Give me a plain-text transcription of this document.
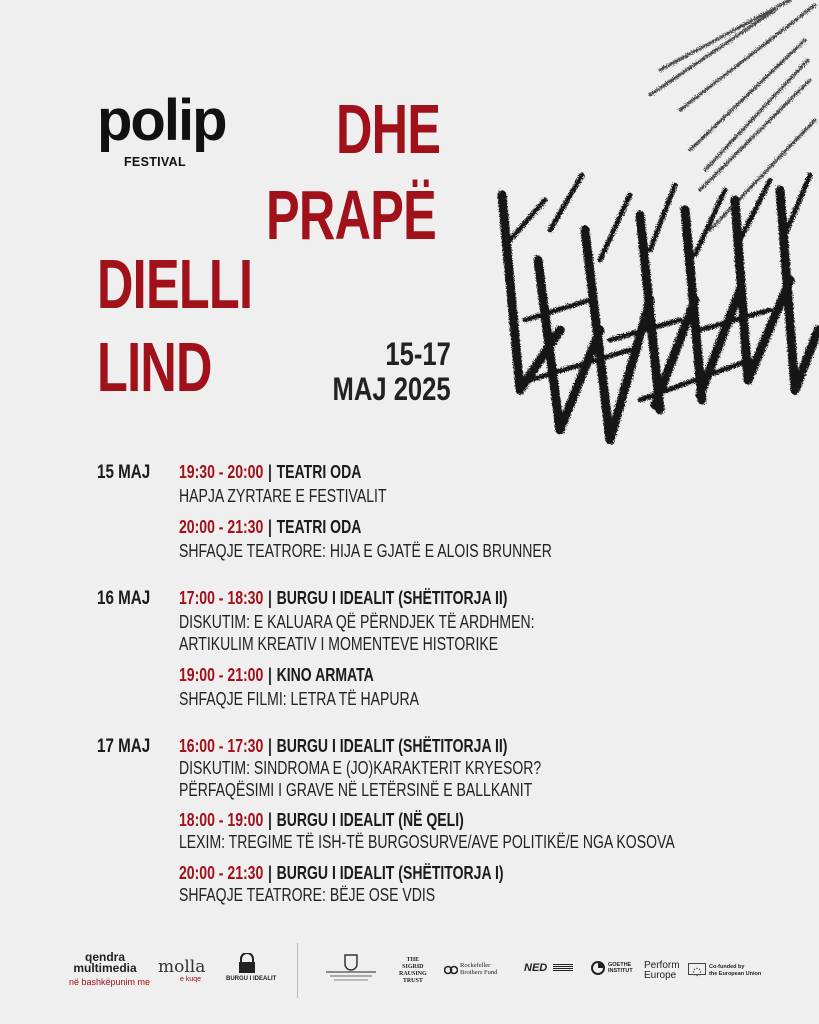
polip
FESTIVAL DHE
PRAPË
DIELLI
LIND	15-17
MAJ 2025
15 MAJ 19:30 - 20:00 | TEATRI ODA
HAPJA ZYRTARE E FESTIVALIT
20:00 - 21:30 | TEATRI ODA
SHFAQJE TEATRORE: HIJA E GJATË E ALOIS BRUNNER
16 MAJ 17:00 - 18:30 | BURGU I IDEALIT (SHËTITORJA II)
DISKUTIM: E KALUARA QË PËRNDJEK TË ARDHMEN:
ARTIKULIM KREATIV I MOMENTEVE HISTORIKE
19:00 - 21:00 | KINO ARMATA
SHFAQJE FILMI: LETRA TË HAPURA
17 MAJ 16:00 - 17:30 | BURGU I IDEALIT (SHËTITORJA II)
DISKUTIM: SINDROMA E (JO)KARAKTERIT KRYESOR?
PËRFAQËSIMI I GRAVE NË LETËRSINË E BALLKANIT
18:00 - 19:00 | BURGU I IDEALIT (NË QELI)
LEXIM: TREGIME TË ISH-TË BURGOSURVE/AVE POLITIKË/E NGA KOSOVA
20:00 - 21:30 | BURGU I IDEALIT (SHËTITORJA I)
SHFAQJE TEATRORE: BËJE OSE VDIS
qendra
multimedia
në bashkëpunim me
molla
e kuqe	BURGU I IDEALIT
THE
SIGRID
RAUSING
TRUST
Rockefeller
Brothers Fund NED	GOETHE
INSTITUT Perform
Europe
Co-funded by
the European Union
